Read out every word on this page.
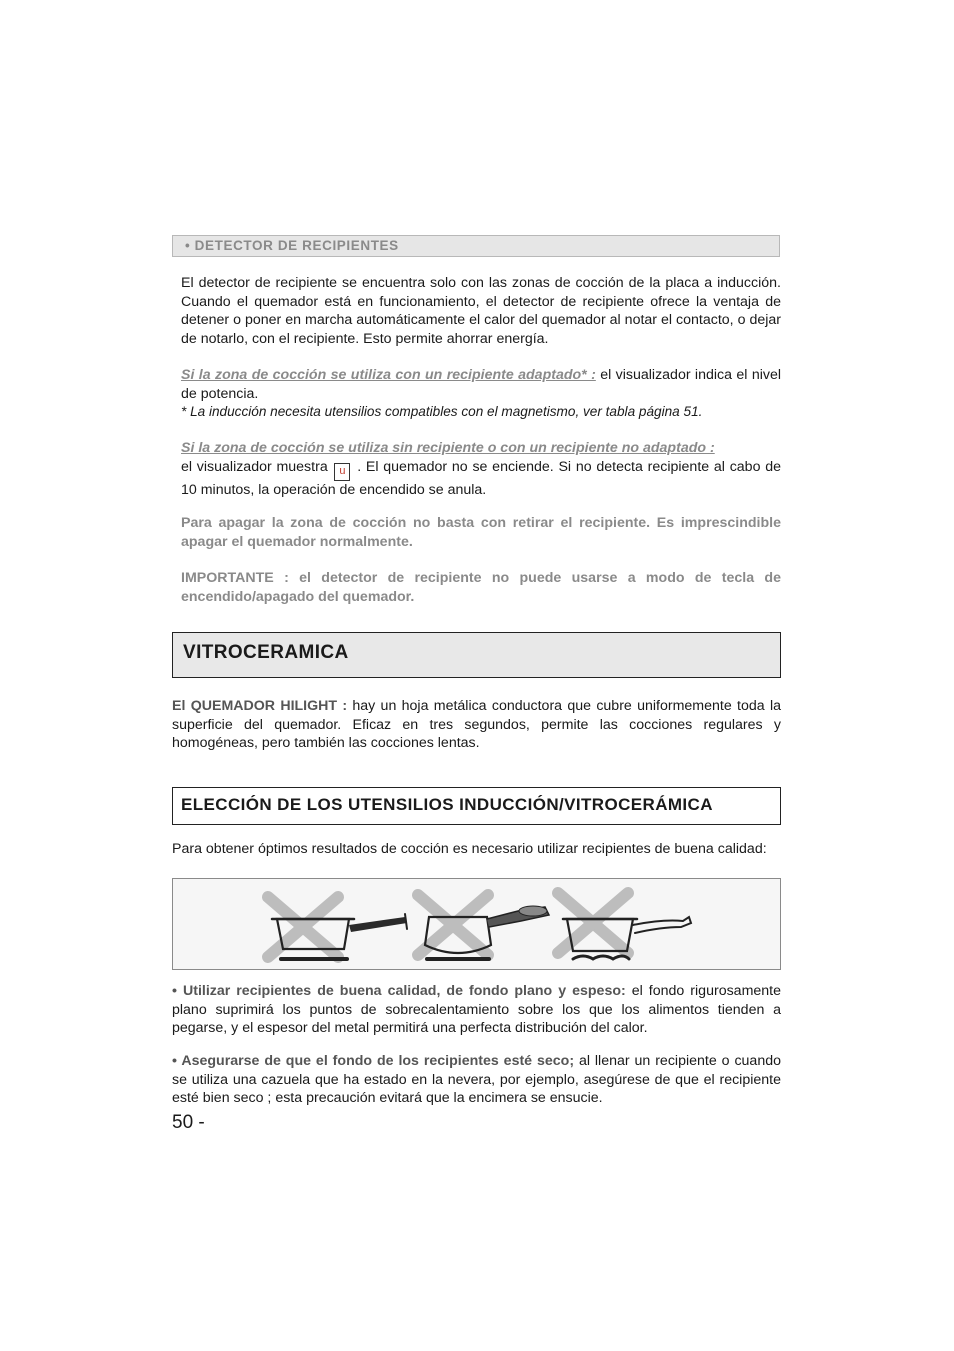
• DETECTOR DE RECIPIENTES
El detector de recipiente se encuentra solo con las zonas de cocción de la placa a inducción. Cuando el quemador está en funcionamiento, el detector de recipiente ofrece la ventaja de detener o poner en marcha automáticamente el calor del quemador al notar el contacto, o dejar de notarlo, con el recipiente. Esto permite ahorrar energía.
Si la zona de cocción se utiliza con un recipiente adaptado* : el visualizador indica el nivel de potencia.
* La inducción necesita utensilios compatibles con el magnetismo, ver tabla página 51.
Si la zona de cocción se utiliza sin recipiente o con un recipiente no adaptado :
el visualizador muestra u . El quemador no se enciende. Si no detecta recipiente al cabo de 10 minutos, la operación de encendido se anula.
Para apagar la zona de cocción no basta con retirar el recipiente. Es imprescindible apagar el quemador normalmente.
IMPORTANTE : el detector de recipiente no puede usarse a modo de tecla de encendido/apagado del quemador.
VITROCERAMICA
El QUEMADOR HILIGHT : hay un hoja metálica conductora que cubre uniformemente toda la superficie del quemador. Eficaz en tres segundos, permite las cocciones regulares y homogéneas, pero también las cocciones lentas.
ELECCIÓN DE LOS UTENSILIOS INDUCCIÓN/VITROCERÁMICA
Para obtener óptimos resultados de cocción es necesario utilizar recipientes de buena calidad:
• Utilizar recipientes de buena calidad, de fondo plano y espeso: el fondo rigurosamente plano suprimirá los puntos de sobrecalentamiento sobre los que los alimentos tienden a pegarse, y el espesor del metal permitirá una perfecta distribución del calor.
• Asegurarse de que el fondo de los recipientes esté seco; al llenar un recipiente o cuando se utiliza una cazuela que ha estado en la nevera, por ejemplo, asegúrese de que el recipiente esté bien seco ; esta precaución evitará que la encimera se ensucie.
50 -
